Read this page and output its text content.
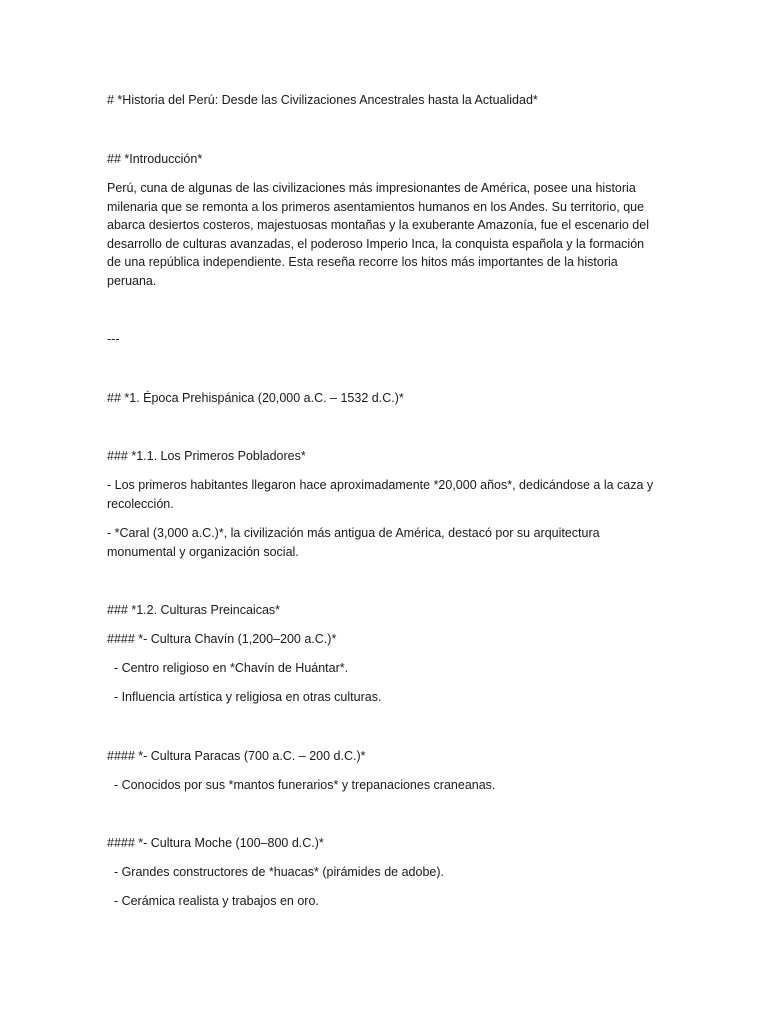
# *Historia del Perú: Desde las Civilizaciones Ancestrales hasta la Actualidad*
## *Introducción*
Perú, cuna de algunas de las civilizaciones más impresionantes de América, posee una historia milenaria que se remonta a los primeros asentamientos humanos en los Andes. Su territorio, que abarca desiertos costeros, majestuosas montañas y la exuberante Amazonía, fue el escenario del desarrollo de culturas avanzadas, el poderoso Imperio Inca, la conquista española y la formación de una república independiente. Esta reseña recorre los hitos más importantes de la historia peruana.
---
## *1. Época Prehispánica (20,000 a.C. – 1532 d.C.)*
### *1.1. Los Primeros Pobladores*
- Los primeros habitantes llegaron hace aproximadamente *20,000 años*, dedicándose a la caza y recolección.
- *Caral (3,000 a.C.)*, la civilización más antigua de América, destacó por su arquitectura monumental y organización social.
### *1.2. Culturas Preincaicas*
#### *- Cultura Chavín (1,200–200 a.C.)*
- Centro religioso en *Chavín de Huántar*.
- Influencia artística y religiosa en otras culturas.
#### *- Cultura Paracas (700 a.C. – 200 d.C.)*
- Conocidos por sus *mantos funerarios* y trepanaciones craneanas.
#### *- Cultura Moche (100–800 d.C.)*
- Grandes constructores de *huacas* (pirámides de adobe).
- Cerámica realista y trabajos en oro.
